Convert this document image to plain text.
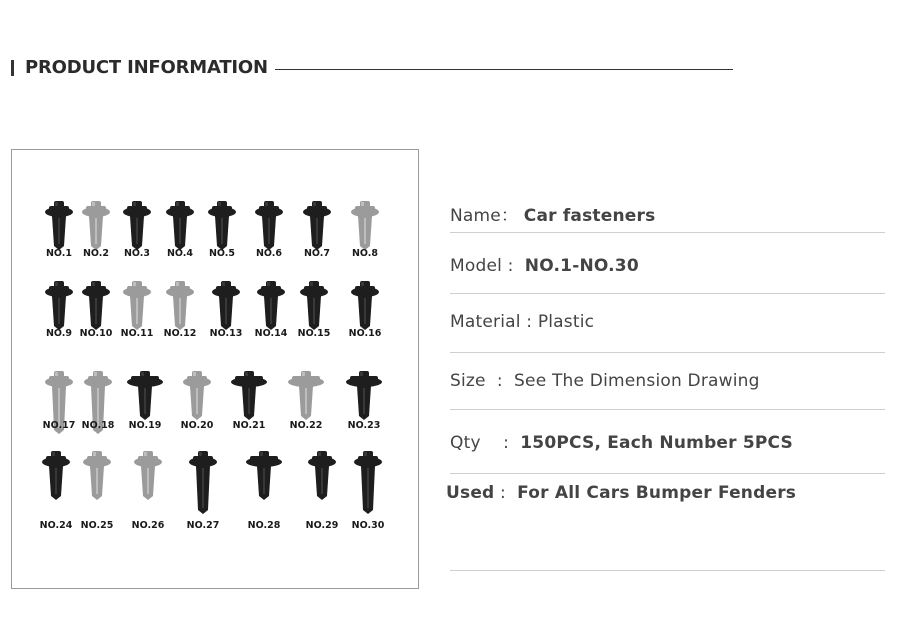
PRODUCT INFORMATION
NO.1	NO.2	NO.3	NO.4	NO.5	NO.6	NO.7	NO.8
NO.9 NO.10 NO.11	NO.12	NO.13	NO.14	NO.15	NO.16
NO.17 NO.18	NO.19	NO.20	NO.21	NO.22	NO.23
NO.24 NO.25	NO.26	NO.27	NO.28	NO.29	NO.30
Name： Car fasteners
Model :  NO.1-NO.30
Material : Plastic
Size  :  See The Dimension Drawing
Qty    :  150PCS, Each Number 5PCS
Used :  For All Cars Bumper Fenders
